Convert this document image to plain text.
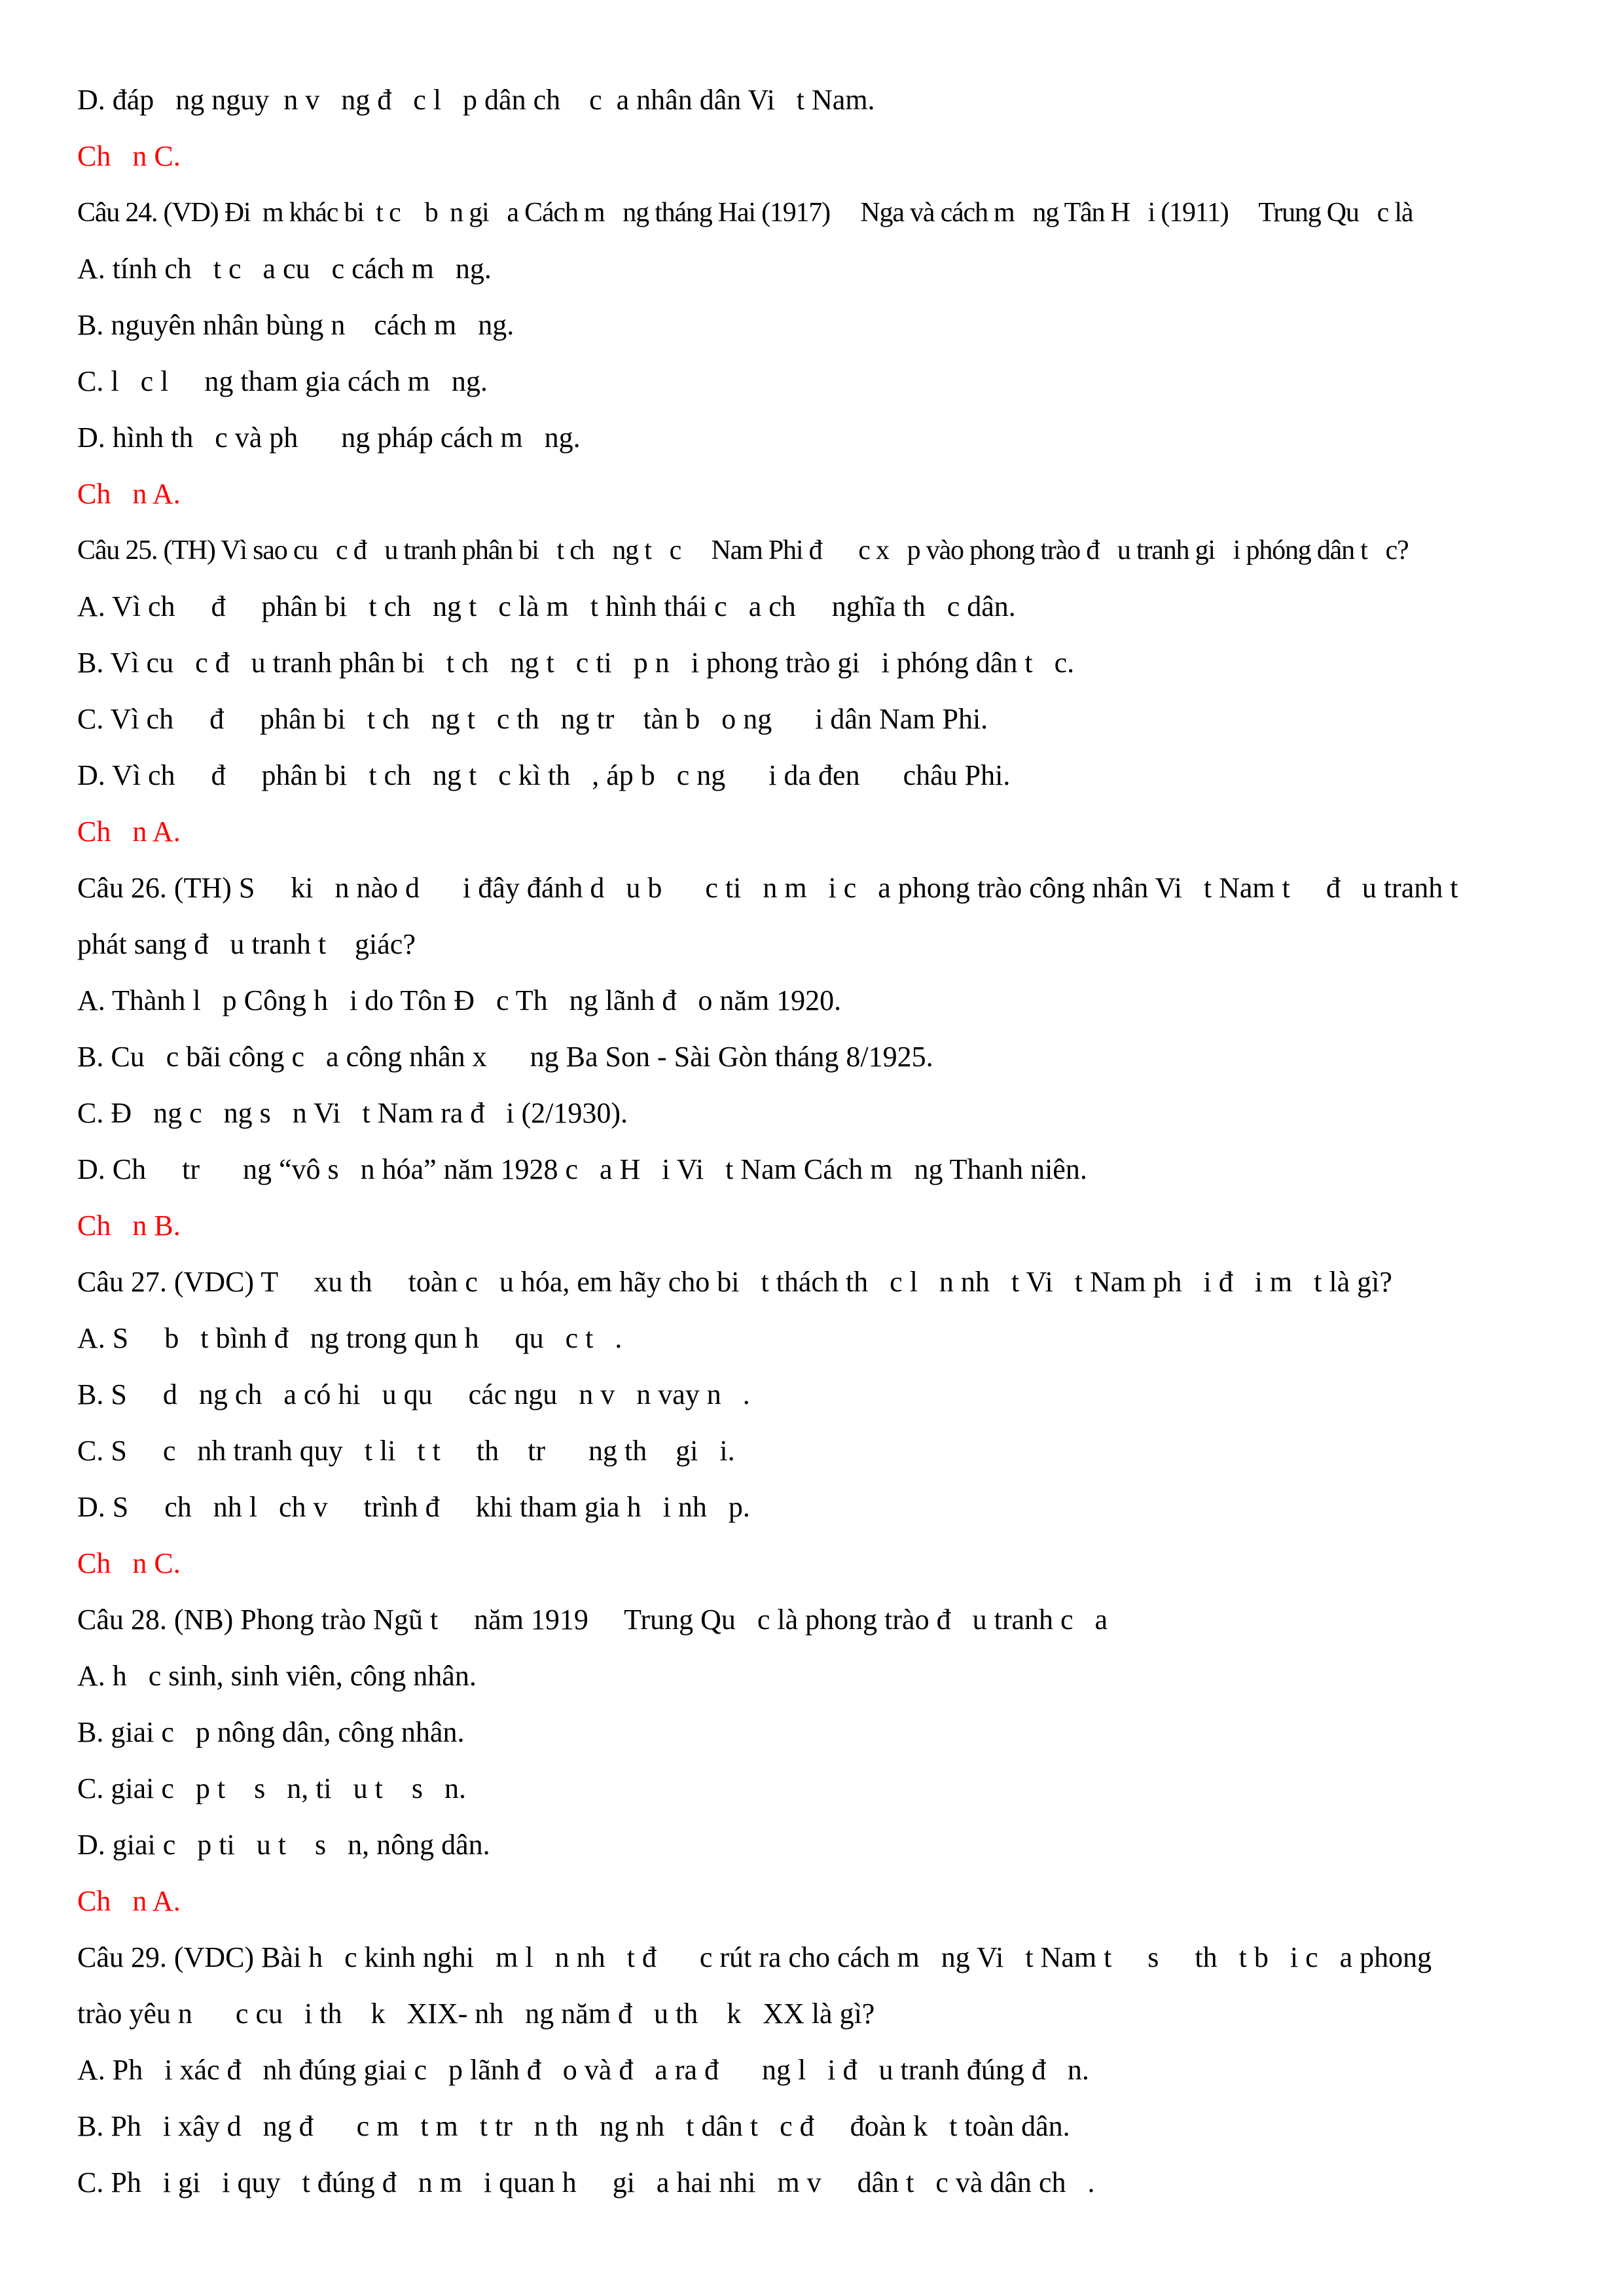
D. đáp   ng nguy  n v   ng đ   c l   p dân ch    c  a nhân dân Vi   t Nam.
Ch   n C.
Câu 24. (VD) Đi  m khác bi  t c    b  n gi   a Cách m   ng tháng Hai (1917)     Nga và cách m   ng Tân H   i (1911)     Trung Qu   c là
A. tính ch   t c   a cu   c cách m   ng.
B. nguyên nhân bùng n    cách m   ng.
C. l   c l     ng tham gia cách m   ng.
D. hình th   c và ph      ng pháp cách m   ng.
Ch   n A.
Câu 25. (TH) Vì sao cu   c đ   u tranh phân bi   t ch   ng t   c     Nam Phi đ      c x   p vào phong trào đ   u tranh gi   i phóng dân t   c?
A. Vì ch     đ     phân bi   t ch   ng t   c là m   t hình thái c   a ch     nghĩa th   c dân.
B. Vì cu   c đ   u tranh phân bi   t ch   ng t   c ti   p n   i phong trào gi   i phóng dân t   c.
C. Vì ch     đ     phân bi   t ch   ng t   c th   ng tr    tàn b   o ng      i dân Nam Phi.
D. Vì ch     đ     phân bi   t ch   ng t   c kì th   , áp b   c ng      i da đen      châu Phi.
Ch   n A.
Câu 26. (TH) S     ki   n nào d      i đây đánh d   u b      c ti   n m   i c   a phong trào công nhân Vi   t Nam t     đ   u tranh t
phát sang đ   u tranh t    giác?
A. Thành l   p Công h   i do Tôn Đ   c Th   ng lãnh đ   o năm 1920.
B. Cu   c bãi công c   a công nhân x      ng Ba Son - Sài Gòn tháng 8/1925.
C. Đ   ng c   ng s   n Vi   t Nam ra đ   i (2/1930).
D. Ch     tr      ng “vô s   n hóa” năm 1928 c   a H   i Vi   t Nam Cách m   ng Thanh niên.
Ch   n B.
Câu 27. (VDC) T     xu th     toàn c   u hóa, em hãy cho bi   t thách th   c l   n nh   t Vi   t Nam ph   i đ   i m   t là gì?
A. S     b   t bình đ   ng trong qun h     qu   c t   .
B. S     d   ng ch   a có hi   u qu     các ngu   n v   n vay n   .
C. S     c   nh tranh quy   t li   t t     th    tr      ng th    gi   i.
D. S     ch   nh l   ch v     trình đ     khi tham gia h   i nh   p.
Ch   n C.
Câu 28. (NB) Phong trào Ngũ t     năm 1919     Trung Qu   c là phong trào đ   u tranh c   a
A. h   c sinh, sinh viên, công nhân.
B. giai c   p nông dân, công nhân.
C. giai c   p t    s   n, ti   u t    s   n.
D. giai c   p ti   u t    s   n, nông dân.
Ch   n A.
Câu 29. (VDC) Bài h   c kinh nghi   m l   n nh   t đ      c rút ra cho cách m   ng Vi   t Nam t     s     th   t b   i c   a phong
trào yêu n      c cu   i th    k   XIX- nh   ng năm đ   u th    k   XX là gì?
A. Ph   i xác đ   nh đúng giai c   p lãnh đ   o và đ   a ra đ      ng l   i đ   u tranh đúng đ   n.
B. Ph   i xây d   ng đ      c m   t m   t tr   n th   ng nh   t dân t   c đ     đoàn k   t toàn dân.
C. Ph   i gi   i quy   t đúng đ   n m   i quan h     gi   a hai nhi   m v     dân t   c và dân ch   .
